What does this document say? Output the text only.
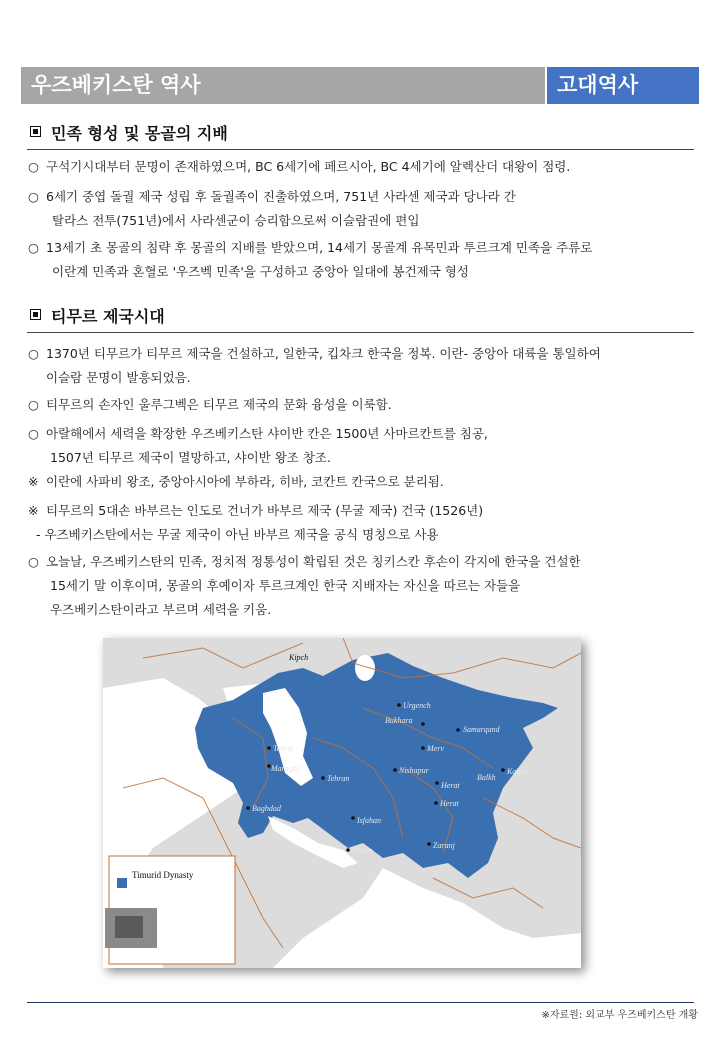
우즈베키스탄 역사	고대역사
민족 형성 및 몽골의 지배
○ 구석기시대부터 문명이 존재하였으며, BC 6세기에 페르시아, BC 4세기에 알렉산더 대왕이 점령.
○ 6세기 중엽 돌궐 제국 성립 후 돌궐족이 진출하였으며, 751년 사라센 제국과 당나라 간
탈라스 전투(751년)에서 사라센군이 승리함으로써 이슬람권에 편입
○ 13세기 초 몽골의 침략 후 몽골의 지배를 받았으며, 14세기 몽골계 유목민과 투르크계 민족을 주류로
이란계 민족과 혼혈로 '우즈벡 민족'을 구성하고 중앙아 일대에 봉건제국 형성
티무르 제국시대
○ 1370년 티무르가 티무르 제국을 건설하고, 일한국, 킵차크 한국을 정복. 이란- 중앙아 대륙을 통일하여
이슬람 문명이 발흥되었음.
○ 티무르의 손자인 울루그벡은 티무르 제국의 문화 융성을 이룩함.
○ 아랄해에서 세력을 확장한 우즈베키스탄 샤이반 칸은 1500년 사마르칸트를 침공,
1507년 티무르 제국이 멸망하고, 샤이반 왕조 창조.
※ 이란에 사파비 왕조, 중앙아시아에 부하라, 히바, 코칸트 칸국으로 분리됨.
※ 티무르의 5대손 바부르는 인도로 건너가 바부르 제국 (무굴 제국) 건국 (1526년)
- 우즈베키스탄에서는 무굴 제국이 아닌 바부르 제국을 공식 명칭으로 사용
○ 오늘날, 우즈베키스탄의 민족, 정치적 정통성이 확립된 것은 칭키스칸 후손이 각지에 한국을 건설한
15세기 말 이후이며, 몽골의 후예이자 투르크계인 한국 지배자는 자신을 따르는 자들을
우즈베키스탄이라고 부르며 세력을 키움.
Timurid Dynasty
Kipch
Urgench
Bukhara
Samarqand
Merv
Tabriz
Maragha
Tehran
Nishapur
Herat
Balkh
Kabul
Herat
Baghdad
Isfahan
Shiraz
Zaranj
※자료원: 외교부 우즈베키스탄 개황
